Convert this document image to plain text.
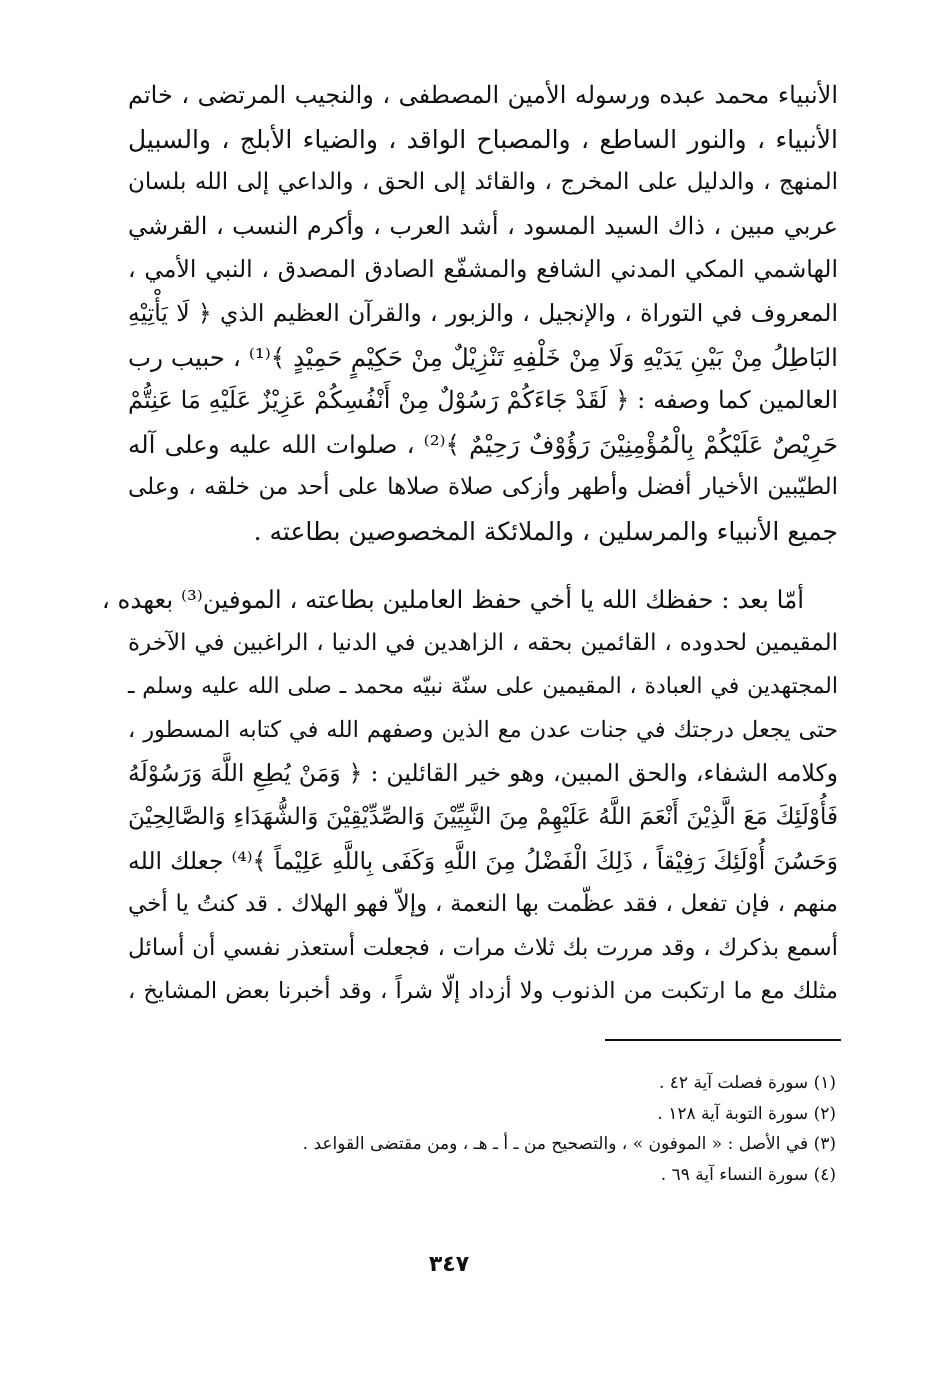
الأنبياء محمد عبده ورسوله الأمين المصطفى ، والنجيب المرتضى ، خاتم
الأنبياء ، والنور الساطع ، والمصباح الواقد ، والضياء الأبلج ، والسبيل
المنهج ، والدليل على المخرج ، والقائد إلى الحق ، والداعي إلى الله بلسان
عربي مبين ، ذاك السيد المسود ، أشد العرب ، وأكرم النسب ، القرشي
الهاشمي المكي المدني الشافع والمشفّع الصادق المصدق ، النبي الأمي ،
المعروف في التوراة ، والإنجيل ، والزبور ، والقرآن العظيم الذي ﴿ لَا يَأْتِيْهِ
البَاطِلُ مِنْ بَيْنِ يَدَيْهِ وَلَا مِنْ خَلْفِهِ تَنْزِيْلٌ مِنْ حَكِيْمٍ حَمِيْدٍ ﴾⁽¹⁾ ، حبيب رب
العالمين كما وصفه : ﴿ لَقَدْ جَاءَكُمْ رَسُوْلٌ مِنْ أَنْفُسِكُمْ عَزِيْزٌ عَلَيْهِ مَا عَنِتُّمْ
حَرِيْصٌ عَلَيْكُمْ بِالْمُؤْمِنِيْنَ رَؤُوْفٌ رَحِيْمٌ ﴾⁽²⁾ ، صلوات الله عليه وعلى آله
الطيّبين الأخيار أفضل وأطهر وأزكى صلاة صلاها على أحد من خلقه ، وعلى
جميع الأنبياء والمرسلين ، والملائكة المخصوصين بطاعته .
أمّا بعد : حفظك الله يا أخي حفظ العاملين بطاعته ، الموفين⁽³⁾ بعهده ،
المقيمين لحدوده ، القائمين بحقه ، الزاهدين في الدنيا ، الراغبين في الآخرة
المجتهدين في العبادة ، المقيمين على سنّة نبيّه محمد ـ صلى الله عليه وسلم ـ
حتى يجعل درجتك في جنات عدن مع الذين وصفهم الله في كتابه المسطور ،
وكلامه الشفاء، والحق المبين، وهو خير القائلين : ﴿ وَمَنْ يُطِعِ اللَّهَ وَرَسُوْلَهُ
فَأُوْلَئِكَ مَعَ الَّذِيْنَ أَنْعَمَ اللَّهُ عَلَيْهِمْ مِنَ النَّبِيِّيْنَ وَالصِّدِّيْقِيْنَ وَالشُّهَدَاءِ وَالصَّالِحِيْنَ
وَحَسُنَ أُوْلَئِكَ رَفِيْقاً ، ذَلِكَ الْفَضْلُ مِنَ اللَّهِ وَكَفَى بِاللَّهِ عَلِيْماً ﴾⁽⁴⁾ جعلك الله
منهم ، فإن تفعل ، فقد عظّمت بها النعمة ، وإلاّ فهو الهلاك . قد كنتُ يا أخي
أسمع بذكرك ، وقد مررت بك ثلاث مرات ، فجعلت أستعذر نفسي أن أسائل
مثلك مع ما ارتكبت من الذنوب ولا أزداد إلّا شراً ، وقد أخبرنا بعض المشايخ ،
(١) سورة فصلت آية ٤٢ .
(٢) سورة التوبة آية ١٢٨ .
(٣) في الأصل : « الموفون » ، والتصحيح من ـ أ ـ هـ ، ومن مقتضى القواعد .
(٤) سورة النساء آية ٦٩ .
٣٤٧
